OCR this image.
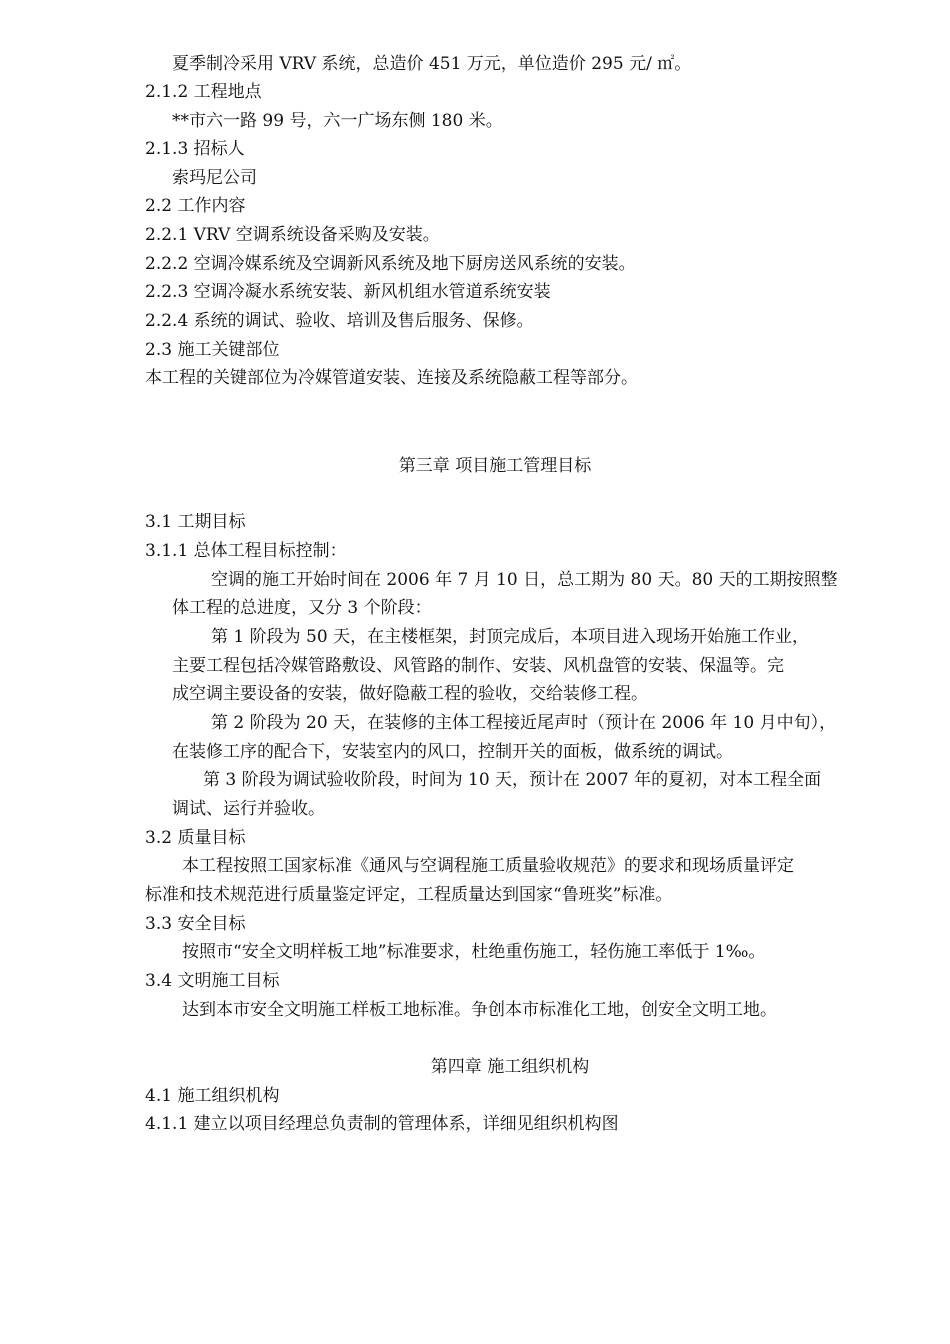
夏季制冷采用 VRV 系统，总造价 451 万元，单位造价 295 元/ ㎡。
2.1.2 工程地点
**市六一路 99 号，六一广场东侧 180 米。
2.1.3 招标人
索玛尼公司
2.2 工作内容
2.2.1 VRV 空调系统设备采购及安装。
2.2.2 空调冷媒系统及空调新风系统及地下厨房送风系统的安装。
2.2.3 空调冷凝水系统安装、新风机组水管道系统安装
2.2.4 系统的调试、验收、培训及售后服务、保修。
2.3 施工关键部位
本工程的关键部位为冷媒管道安装、连接及系统隐蔽工程等部分。
第三章 项目施工管理目标
3.1 工期目标
3.1.1 总体工程目标控制：
空调的施工开始时间在 2006 年 7 月 10 日，总工期为 80 天。80 天的工期按照整
体工程的总进度，又分 3 个阶段：
第 1 阶段为 50 天，在主楼框架，封顶完成后，本项目进入现场开始施工作业，
主要工程包括冷媒管路敷设、风管路的制作、安装、风机盘管的安装、保温等。完
成空调主要设备的安装，做好隐蔽工程的验收，交给装修工程。
第 2 阶段为 20 天，在装修的主体工程接近尾声时（预计在 2006 年 10 月中旬），
在装修工序的配合下，安装室内的风口，控制开关的面板，做系统的调试。
第 3 阶段为调试验收阶段，时间为 10 天，预计在 2007 年的夏初，对本工程全面
调试、运行并验收。
3.2 质量目标
本工程按照工国家标准《通风与空调程施工质量验收规范》的要求和现场质量评定
标准和技术规范进行质量鉴定评定，工程质量达到国家“鲁班奖”标准。
3.3 安全目标
按照市“安全文明样板工地”标准要求，杜绝重伤施工，轻伤施工率低于 1‰。
3.4 文明施工目标
达到本市安全文明施工样板工地标准。争创本市标准化工地，创安全文明工地。
第四章 施工组织机构
4.1 施工组织机构
4.1.1 建立以项目经理总负责制的管理体系，详细见组织机构图
